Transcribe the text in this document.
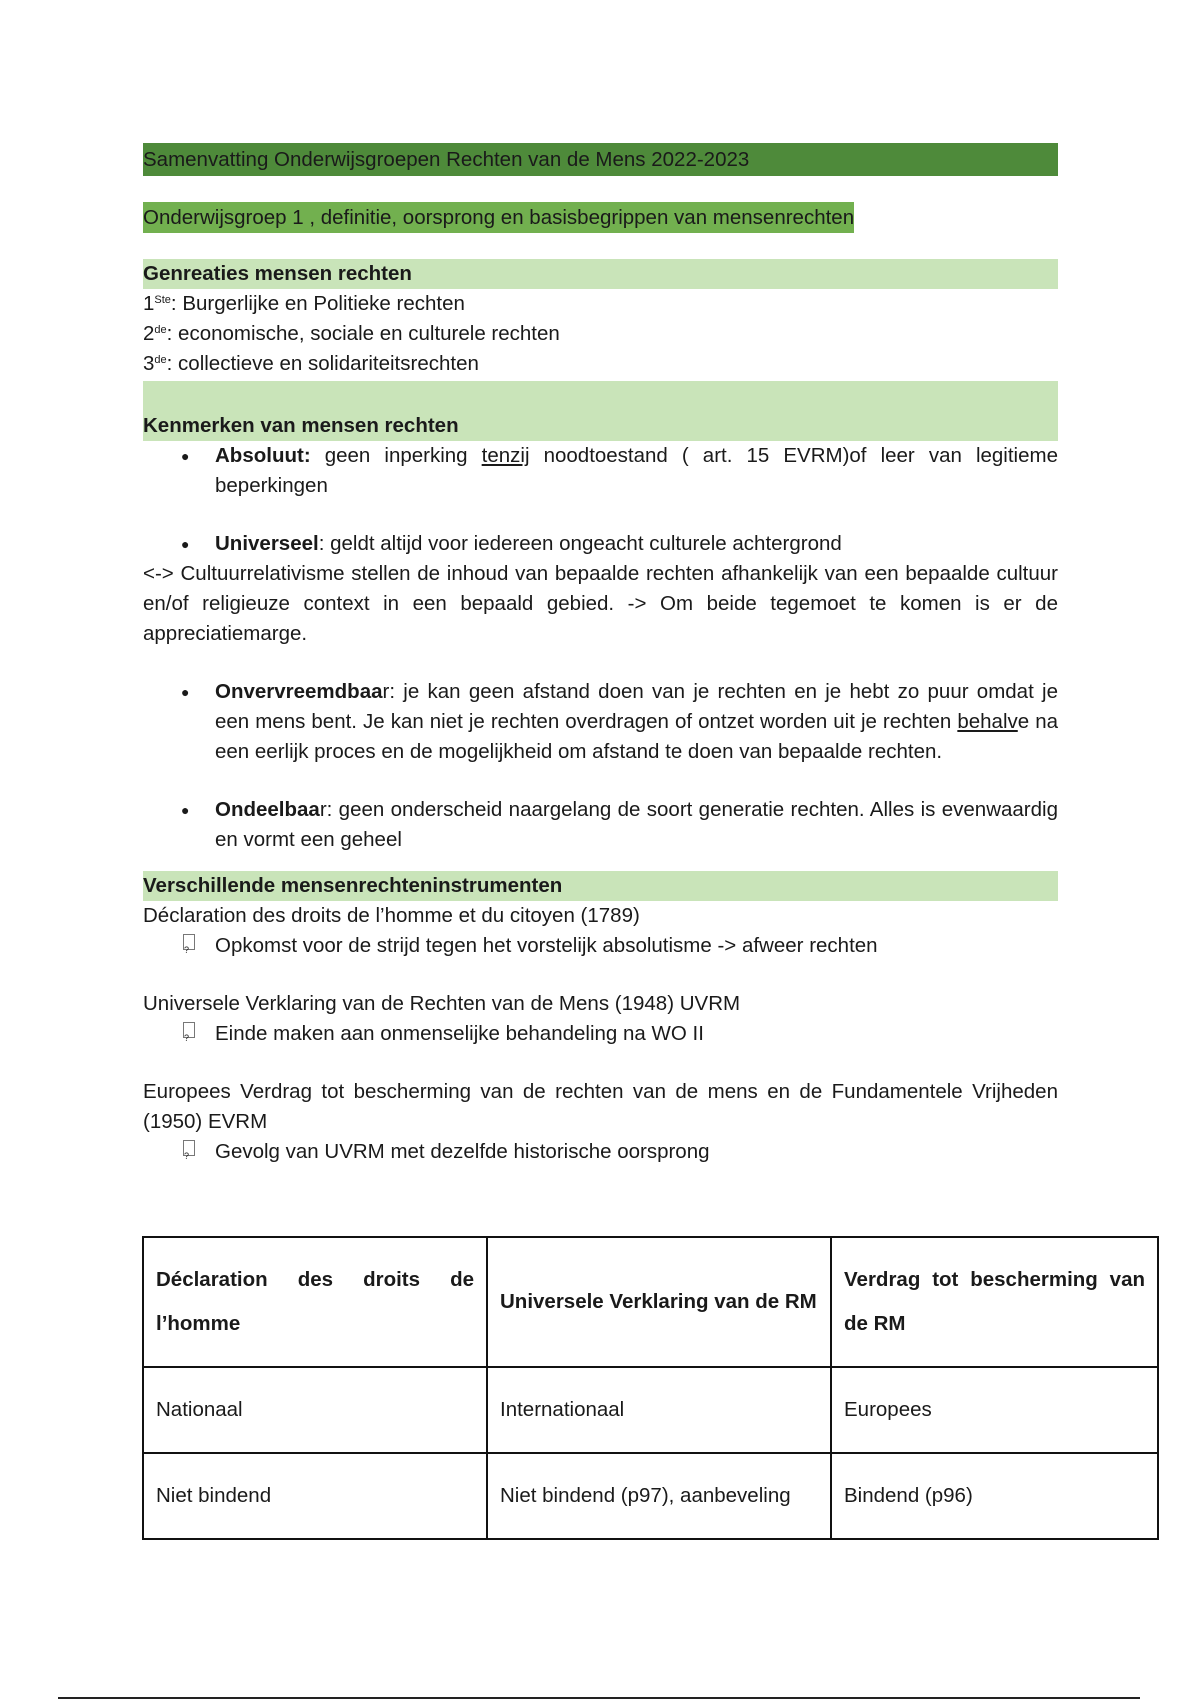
Samenvatting Onderwijsgroepen Rechten van de Mens 2022-2023
Onderwijsgroep 1 , definitie, oorsprong en basisbegrippen van mensenrechten
Genreaties mensen rechten
1Ste: Burgerlijke en Politieke rechten
2de: economische, sociale en culturele rechten
3de: collectieve en solidariteitsrechten
Kenmerken van mensen rechten
● Absoluut: geen inperking tenzij noodtoestand ( art. 15 EVRM)of leer van legitieme beperkingen
● Universeel: geldt altijd voor iedereen ongeacht culturele achtergrond
<-> Cultuurrelativisme stellen de inhoud van bepaalde rechten afhankelijk van een bepaalde cultuur en/of religieuze context in een bepaald gebied. -> Om beide tegemoet te komen is er de appreciatiemarge.
● Onvervreemdbaar: je kan geen afstand doen van je rechten en je hebt zo puur omdat je een mens bent. Je kan niet je rechten overdragen of ontzet worden uit je rechten behalve na een eerlijk proces en de mogelijkheid om afstand te doen van bepaalde rechten.
● Ondeelbaar: geen onderscheid naargelang de soort generatie rechten. Alles is evenwaardig en vormt een geheel
Verschillende mensenrechteninstrumenten
Déclaration des droits de l’homme et du citoyen (1789)
? Opkomst voor de strijd tegen het vorstelijk absolutisme -> afweer rechten
Universele Verklaring van de Rechten van de Mens (1948) UVRM
? Einde maken aan onmenselijke behandeling na WO II
Europees Verdrag tot bescherming van de rechten van de mens en de Fundamentele Vrijheden (1950) EVRM
? Gevolg van UVRM met dezelfde historische oorsprong
Déclaration des droits de l’homme	Universele Verklaring van de RM	Verdrag tot bescherming van de RM
Nationaal	Internationaal	Europees
Niet bindend	Niet bindend (p97), aanbeveling	Bindend (p96)
